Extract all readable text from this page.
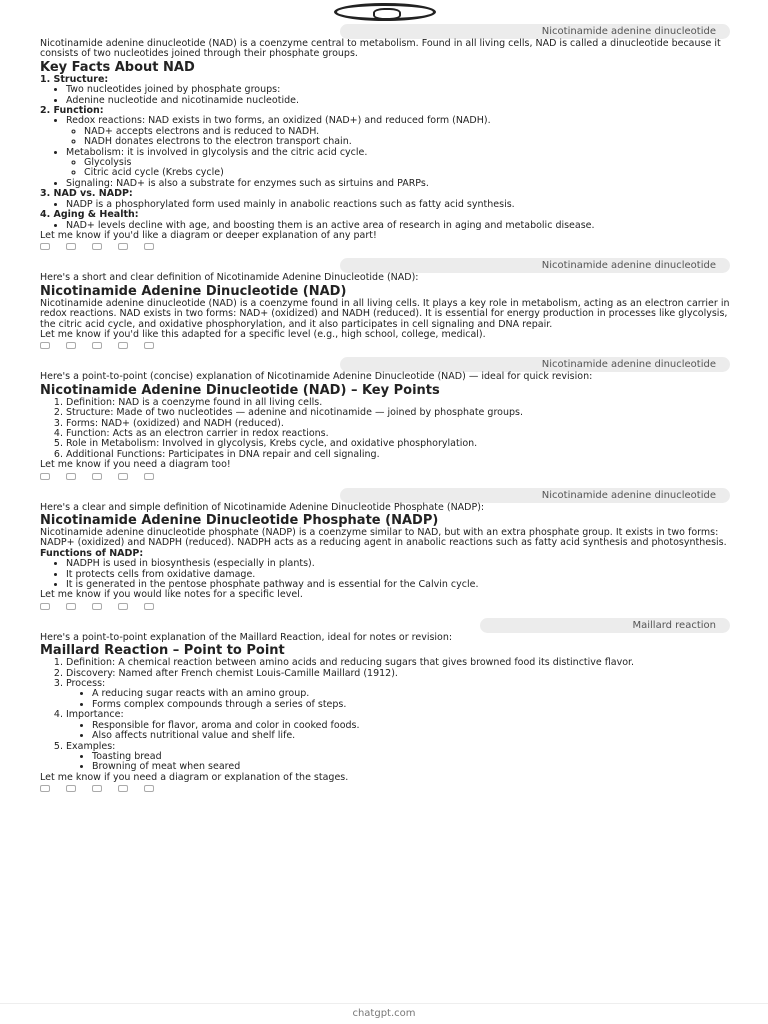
Nicotinamide adenine dinucleotide

Nicotinamide adenine dinucleotide (NAD) is a coenzyme central to metabolism. Found in all living cells, NAD is called a dinucleotide because it consists of two nucleotides joined through their phosphate groups.

Key Facts About NAD

1. Structure:

• Two nucleotides joined by phosphate groups:
• Adenine nucleotide and nicotinamide nucleotide.

2. Function:

• Redox reactions: NAD exists in two forms, an oxidized (NAD+) and reduced form (NADH).
◦ NAD+ accepts electrons and is reduced to NADH.
◦ NADH donates electrons to the electron transport chain.
• Metabolism: it is involved in glycolysis and the citric acid cycle.
◦ Glycolysis
◦ Citric acid cycle (Krebs cycle)
• Signaling: NAD+ is also a substrate for enzymes such as sirtuins and PARPs.

3. NAD vs. NADP:

• NADP is a phosphorylated form used mainly in anabolic reactions such as fatty acid synthesis.

4. Aging & Health:

• NAD+ levels decline with age, and boosting them is an active area of research in aging and metabolic disease.

Let me know if you'd like a diagram or deeper explanation of any part!

Nicotinamide adenine dinucleotide

Here's a short and clear definition of Nicotinamide Adenine Dinucleotide (NAD):

Nicotinamide Adenine Dinucleotide (NAD)

Nicotinamide adenine dinucleotide (NAD) is a coenzyme found in all living cells. It plays a key role in metabolism, acting as an electron carrier in redox reactions. NAD exists in two forms: NAD+ (oxidized) and NADH (reduced). It is essential for energy production in processes like glycolysis, the citric acid cycle, and oxidative phosphorylation, and it also participates in cell signaling and DNA repair.

Let me know if you'd like this adapted for a specific level (e.g., high school, college, medical).

Nicotinamide adenine dinucleotide

Here's a point-to-point (concise) explanation of Nicotinamide Adenine Dinucleotide (NAD) — ideal for quick revision:

Nicotinamide Adenine Dinucleotide (NAD) – Key Points
1. Definition: NAD is a coenzyme found in all living cells.
2. Structure: Made of two nucleotides — adenine and nicotinamide — joined by phosphate groups.
3. Forms: NAD+ (oxidized) and NADH (reduced).
4. Function: Acts as an electron carrier in redox reactions.
5. Role in Metabolism: Involved in glycolysis, Krebs cycle, and oxidative phosphorylation.
6. Additional Functions: Participates in DNA repair and cell signaling.

Let me know if you need a diagram too!

Nicotinamide adenine dinucleotide

Here's a clear and simple definition of Nicotinamide Adenine Dinucleotide Phosphate (NADP):

Nicotinamide Adenine Dinucleotide Phosphate (NADP)

Nicotinamide adenine dinucleotide phosphate (NADP) is a coenzyme similar to NAD, but with an extra phosphate group. It exists in two forms: NADP+ (oxidized) and NADPH (reduced). NADPH acts as a reducing agent in anabolic reactions such as fatty acid synthesis and photosynthesis.

Functions of NADP:

• NADPH is used in biosynthesis (especially in plants).
• It protects cells from oxidative damage.
• It is generated in the pentose phosphate pathway and is essential for the Calvin cycle.

Let me know if you would like notes for a specific level.

Maillard reaction

Here's a point-to-point explanation of the Maillard Reaction, ideal for notes or revision:

Maillard Reaction – Point to Point
1. Definition: A chemical reaction between amino acids and reducing sugars that gives browned food its distinctive flavor.
2. Discovery: Named after French chemist Louis-Camille Maillard (1912).
3. Process:
• A reducing sugar reacts with an amino group.
• Forms complex compounds through a series of steps.
4. Importance:
• Responsible for flavor, aroma and color in cooked foods.
• Also affects nutritional value and shelf life.
5. Examples:
• Toasting bread
• Browning of meat when seared

Let me know if you need a diagram or explanation of the stages.

chatgpt.com
